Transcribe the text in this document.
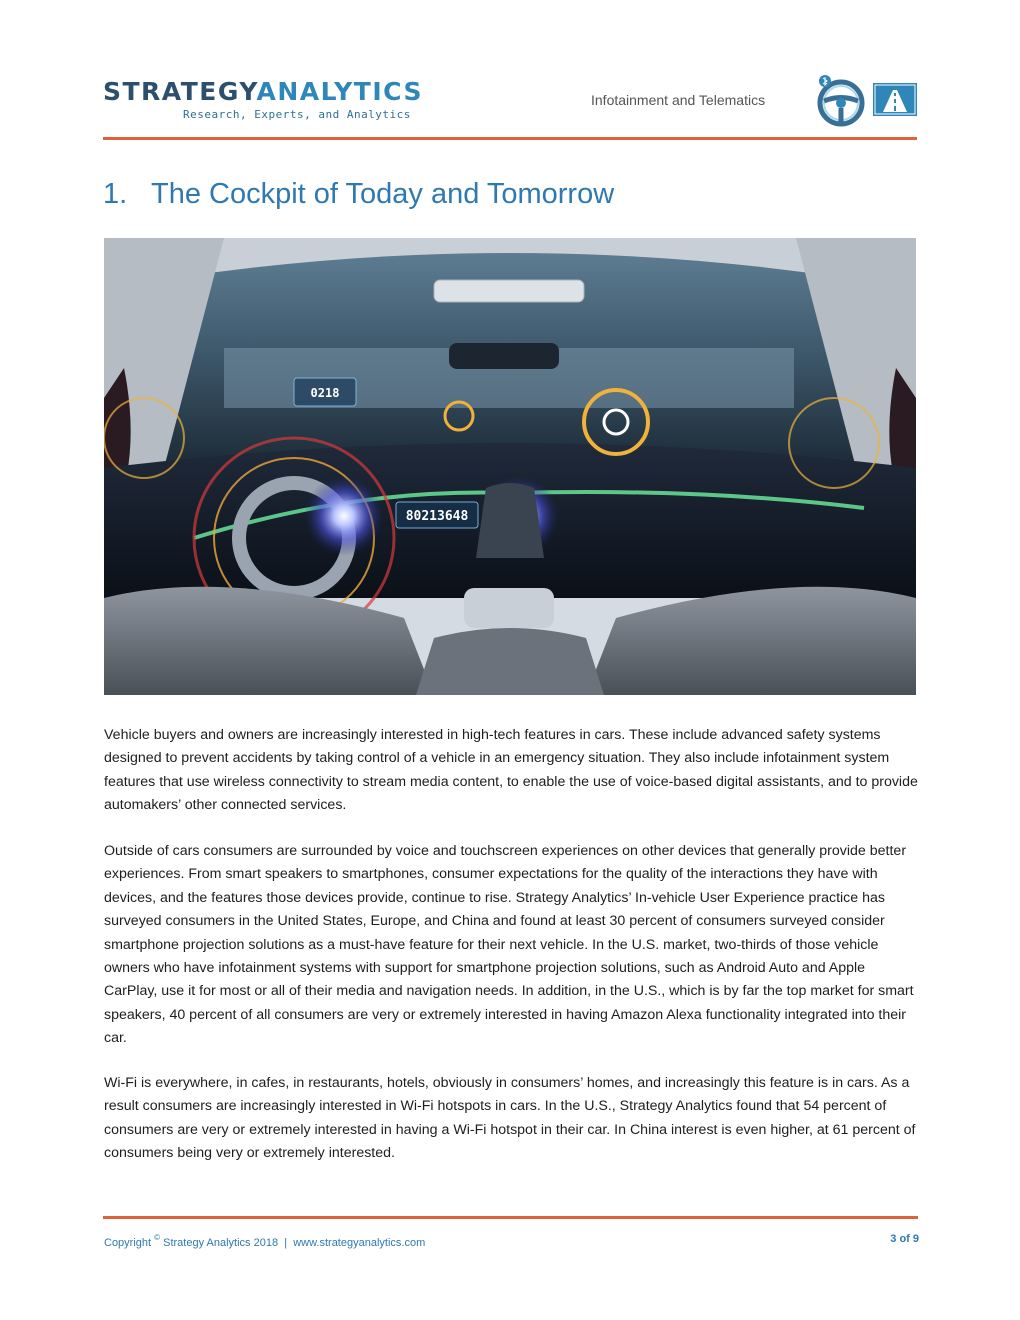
STRATEGYANALYTICS
Research, Experts, and Analytics
Infotainment and Telematics
1. The Cockpit of Today and Tomorrow
0218
80213648

Vehicle buyers and owners are increasingly interested in high-tech features in cars. These include advanced safety systems designed to prevent accidents by taking control of a vehicle in an emergency situation. They also include infotainment system features that use wireless connectivity to stream media content, to enable the use of voice-based digital assistants, and to provide automakers’ other connected services.

Outside of cars consumers are surrounded by voice and touchscreen experiences on other devices that generally provide better experiences. From smart speakers to smartphones, consumer expectations for the quality of the interactions they have with devices, and the features those devices provide, continue to rise. Strategy Analytics’ In-vehicle User Experience practice has surveyed consumers in the United States, Europe, and China and found at least 30 percent of consumers surveyed consider smartphone projection solutions as a must-have feature for their next vehicle. In the U.S. market, two-thirds of those vehicle owners who have infotainment systems with support for smartphone projection solutions, such as Android Auto and Apple CarPlay, use it for most or all of their media and navigation needs. In addition, in the U.S., which is by far the top market for smart speakers, 40 percent of all consumers are very or extremely interested in having Amazon Alexa functionality integrated into their car.

Wi-Fi is everywhere, in cafes, in restaurants, hotels, obviously in consumers’ homes, and increasingly this feature is in cars. As a result consumers are increasingly interested in Wi-Fi hotspots in cars. In the U.S., Strategy Analytics found that 54 percent of consumers are very or extremely interested in having a Wi-Fi hotspot in their car. In China interest is even higher, at 61 percent of consumers being very or extremely interested.

Copyright © Strategy Analytics 2018 | www.strategyanalytics.com	3 of 9
